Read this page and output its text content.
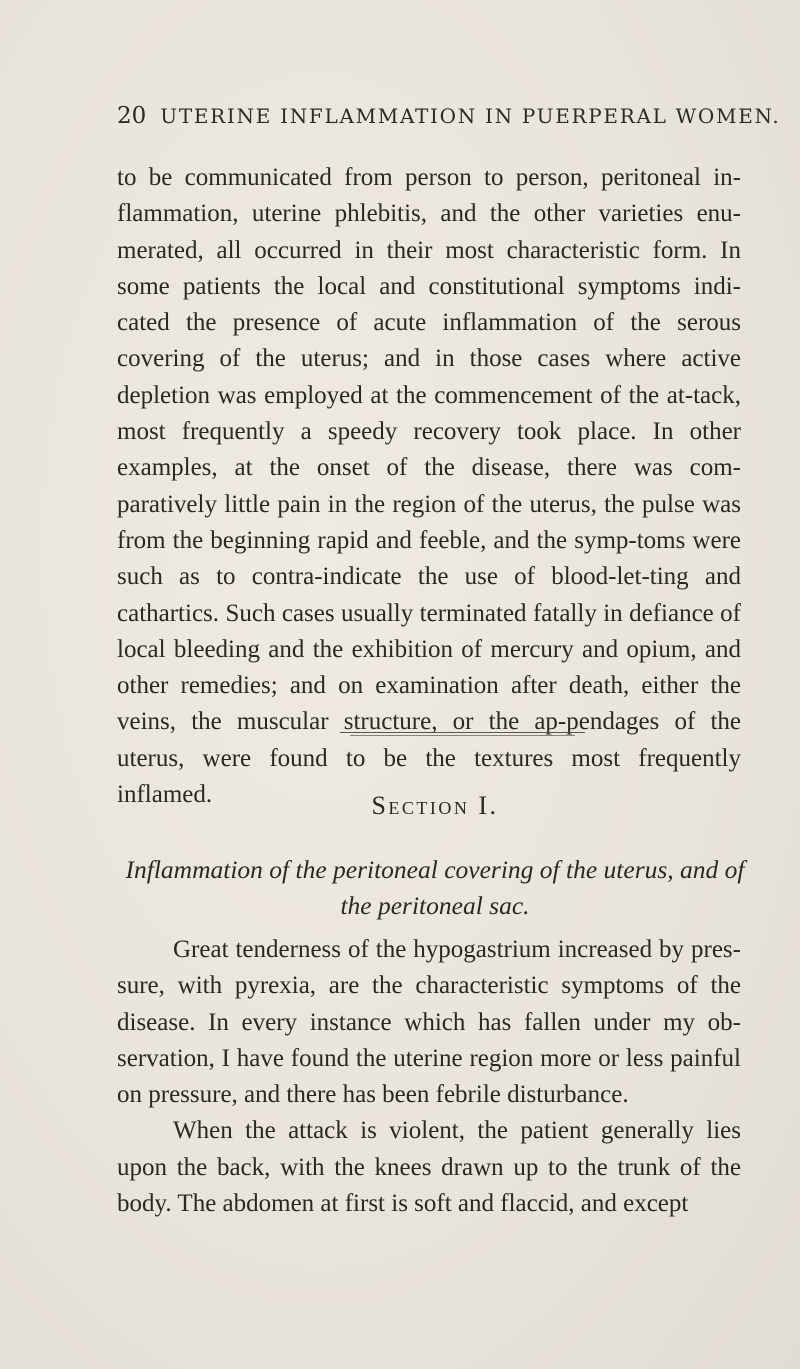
20 UTERINE INFLAMMATION IN PUERPERAL WOMEN.

to be communicated from person to person, peritoneal in-flammation, uterine phlebitis, and the other varieties enu-merated, all occurred in their most characteristic form. In some patients the local and constitutional symptoms indi-cated the presence of acute inflammation of the serous covering of the uterus; and in those cases where active depletion was employed at the commencement of the at-tack, most frequently a speedy recovery took place. In other examples, at the onset of the disease, there was com-paratively little pain in the region of the uterus, the pulse was from the beginning rapid and feeble, and the symp-toms were such as to contra-indicate the use of blood-let-ting and cathartics. Such cases usually terminated fatally in defiance of local bleeding and the exhibition of mercury and opium, and other remedies; and on examination after death, either the veins, the muscular structure, or the ap-pendages of the uterus, were found to be the textures most frequently inflamed.	Section I.
Inflammation of the peritoneal covering of the uterus, and of the peritoneal sac.

Great tenderness of the hypogastrium increased by pres-sure, with pyrexia, are the characteristic symptoms of the disease. In every instance which has fallen under my ob-servation, I have found the uterine region more or less painful on pressure, and there has been febrile disturbance.

When the attack is violent, the patient generally lies upon the back, with the knees drawn up to the trunk of the body. The abdomen at first is soft and flaccid, and except
